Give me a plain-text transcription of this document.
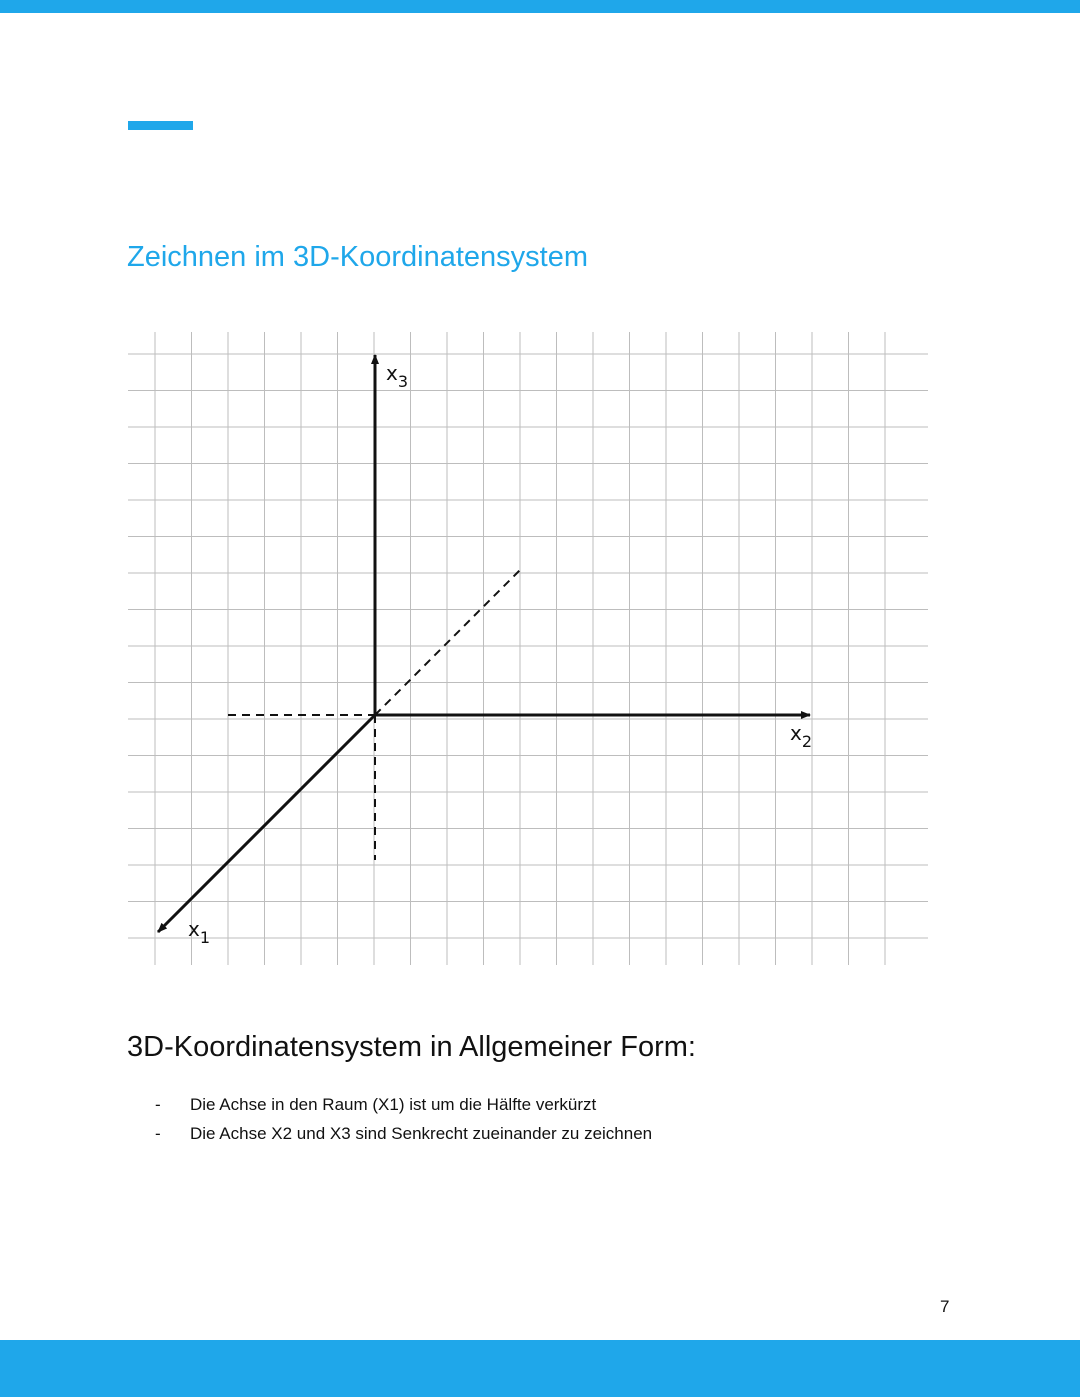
Zeichnen im 3D-Koordinatensystem
$x_3$
$x_2$
$x_1$
3D-Koordinatensystem in Allgemeiner Form:
- Die Achse in den Raum (X1) ist um die Hälfte verkürzt
- Die Achse X2 und X3 sind Senkrecht zueinander zu zeichnen
7
